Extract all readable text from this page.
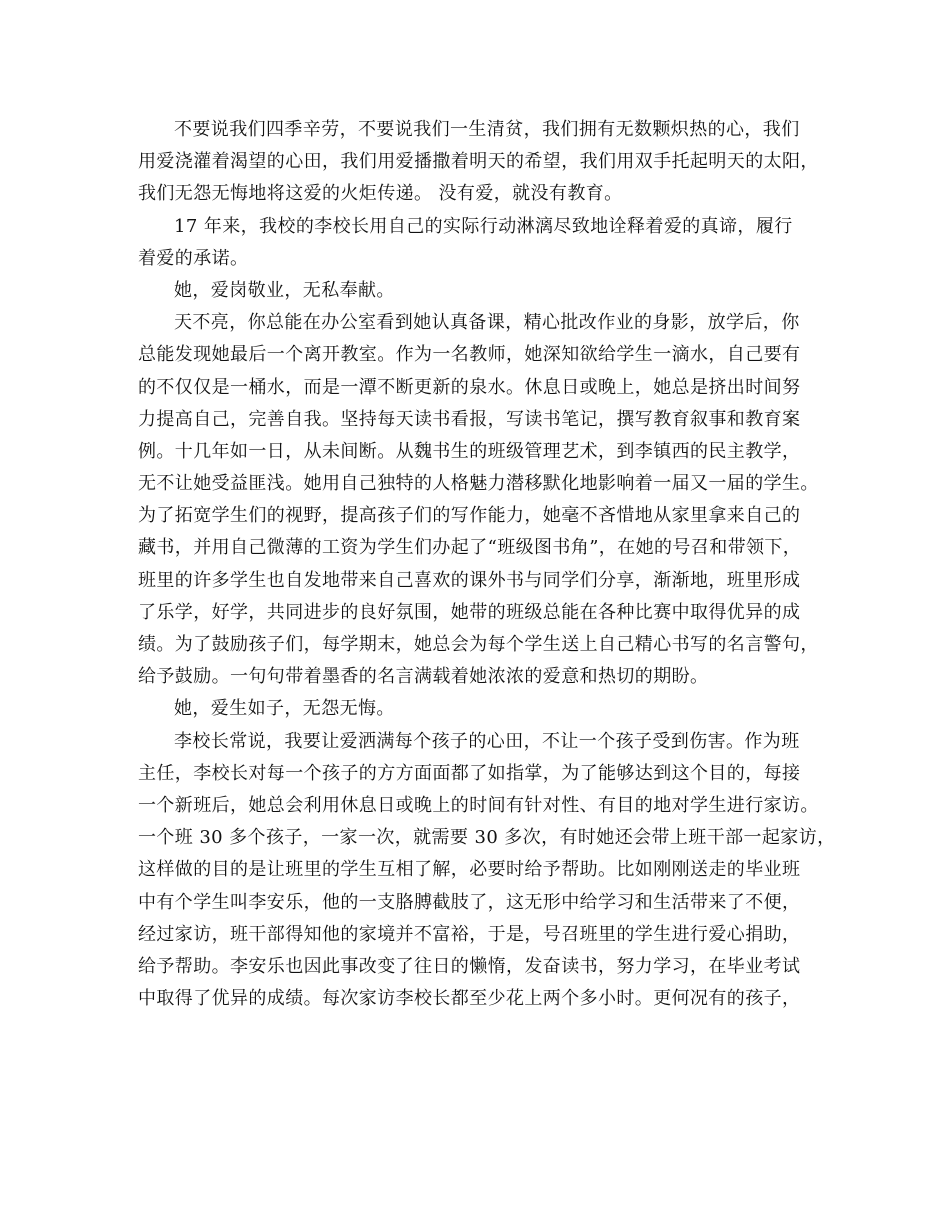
不要说我们四季辛劳，不要说我们一生清贫，我们拥有无数颗炽热的心，我们
用爱浇灌着渴望的心田，我们用爱播撒着明天的希望，我们用双手托起明天的太阳，
我们无怨无悔地将这爱的火炬传递。 没有爱，就没有教育。
17 年来，我校的李校长用自己的实际行动淋漓尽致地诠释着爱的真谛，履行
着爱的承诺。
她，爱岗敬业，无私奉献。
天不亮，你总能在办公室看到她认真备课，精心批改作业的身影，放学后，你
总能发现她最后一个离开教室。作为一名教师，她深知欲给学生一滴水，自己要有
的不仅仅是一桶水，而是一潭不断更新的泉水。休息日或晚上，她总是挤出时间努
力提高自己，完善自我。坚持每天读书看报，写读书笔记，撰写教育叙事和教育案
例。十几年如一日，从未间断。从魏书生的班级管理艺术，到李镇西的民主教学，
无不让她受益匪浅。她用自己独特的人格魅力潜移默化地影响着一届又一届的学生。
为了拓宽学生们的视野，提高孩子们的写作能力，她毫不吝惜地从家里拿来自己的
藏书，并用自己微薄的工资为学生们办起了“班级图书角”，在她的号召和带领下，
班里的许多学生也自发地带来自己喜欢的课外书与同学们分享，渐渐地，班里形成
了乐学，好学，共同进步的良好氛围，她带的班级总能在各种比赛中取得优异的成
绩。为了鼓励孩子们，每学期末，她总会为每个学生送上自己精心书写的名言警句，
给予鼓励。一句句带着墨香的名言满载着她浓浓的爱意和热切的期盼。
她，爱生如子，无怨无悔。
李校长常说，我要让爱洒满每个孩子的心田，不让一个孩子受到伤害。作为班
主任，李校长对每一个孩子的方方面面都了如指掌，为了能够达到这个目的，每接
一个新班后，她总会利用休息日或晚上的时间有针对性、有目的地对学生进行家访。
一个班 30 多个孩子，一家一次，就需要 30 多次，有时她还会带上班干部一起家访，
这样做的目的是让班里的学生互相了解，必要时给予帮助。比如刚刚送走的毕业班
中有个学生叫李安乐，他的一支胳膊截肢了，这无形中给学习和生活带来了不便，
经过家访，班干部得知他的家境并不富裕，于是，号召班里的学生进行爱心捐助，
给予帮助。李安乐也因此事改变了往日的懒惰，发奋读书，努力学习，在毕业考试
中取得了优异的成绩。每次家访李校长都至少花上两个多小时。更何况有的孩子，
